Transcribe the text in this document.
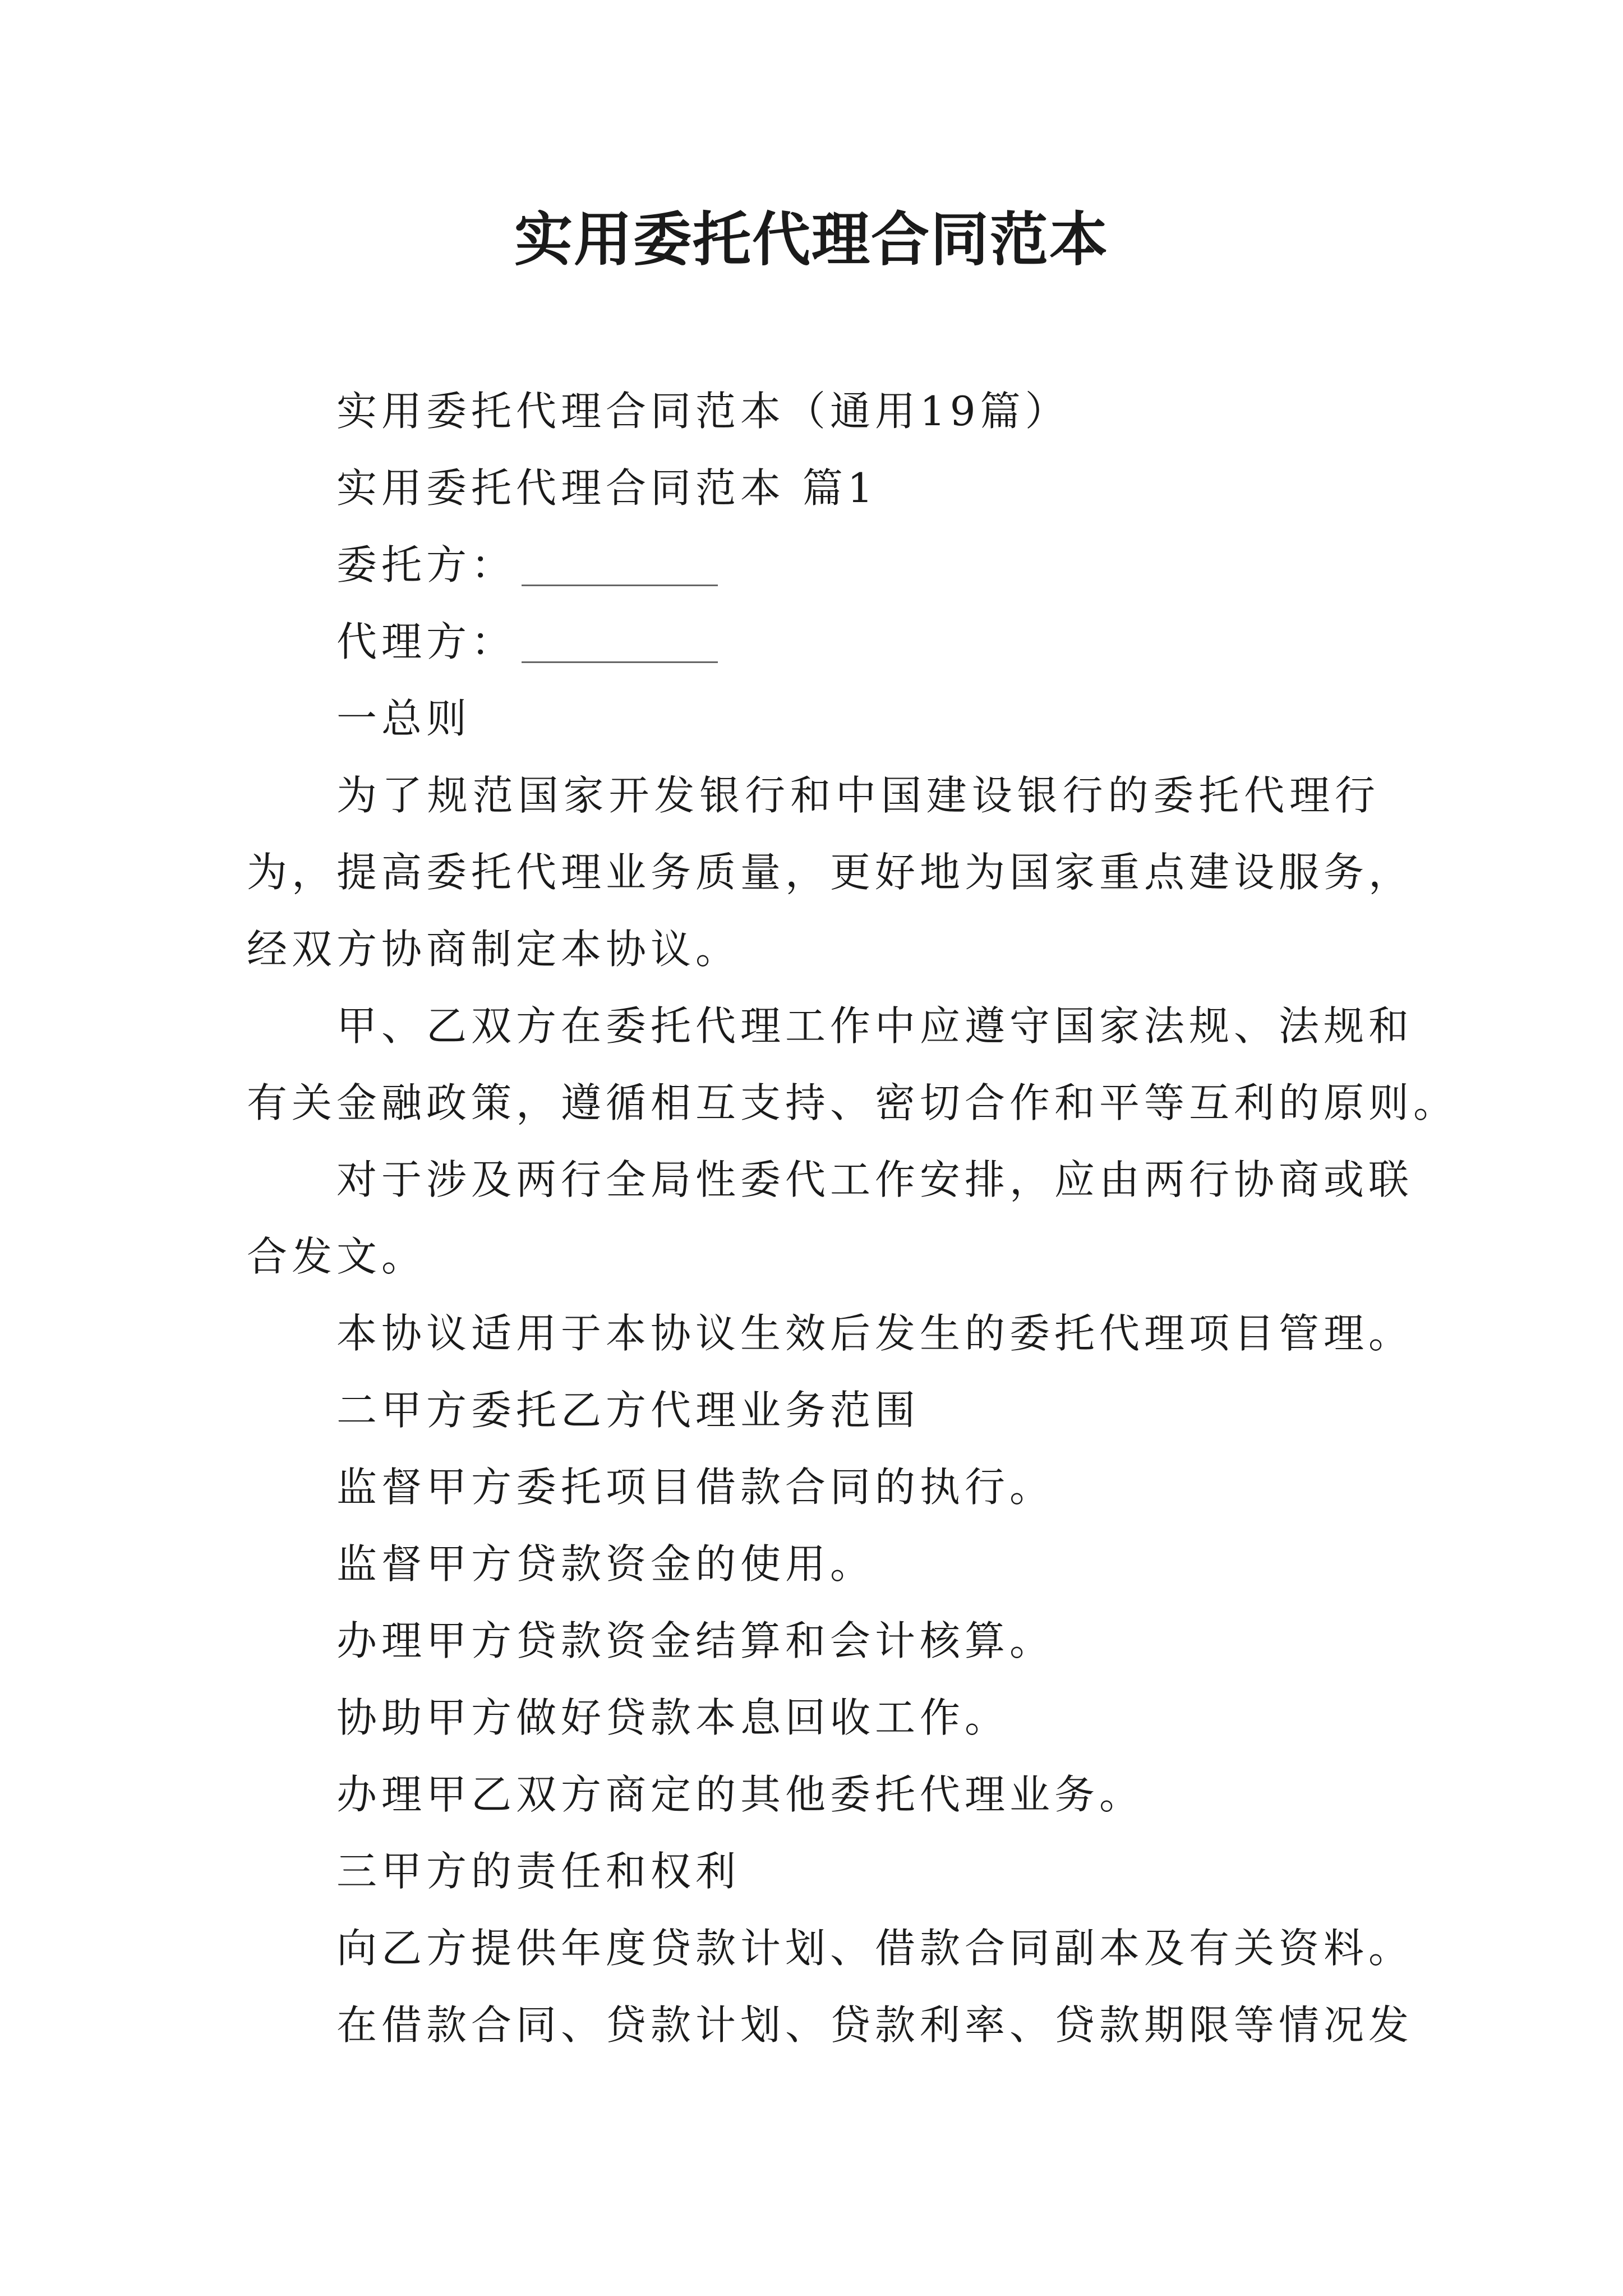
实用委托代理合同范本

实用委托代理合同范本（通用19篇）

实用委托代理合同范本 篇1

委托方：

代理方：

一总则

为了规范国家开发银行和中国建设银行的委托代理行

为，提高委托代理业务质量，更好地为国家重点建设服务，

经双方协商制定本协议。

甲、乙双方在委托代理工作中应遵守国家法规、法规和

有关金融政策，遵循相互支持、密切合作和平等互利的原则。

对于涉及两行全局性委代工作安排，应由两行协商或联

合发文。

本协议适用于本协议生效后发生的委托代理项目管理。

二甲方委托乙方代理业务范围

监督甲方委托项目借款合同的执行。

监督甲方贷款资金的使用。

办理甲方贷款资金结算和会计核算。

协助甲方做好贷款本息回收工作。

办理甲乙双方商定的其他委托代理业务。

三甲方的责任和权利

向乙方提供年度贷款计划、借款合同副本及有关资料。

在借款合同、贷款计划、贷款利率、贷款期限等情况发
